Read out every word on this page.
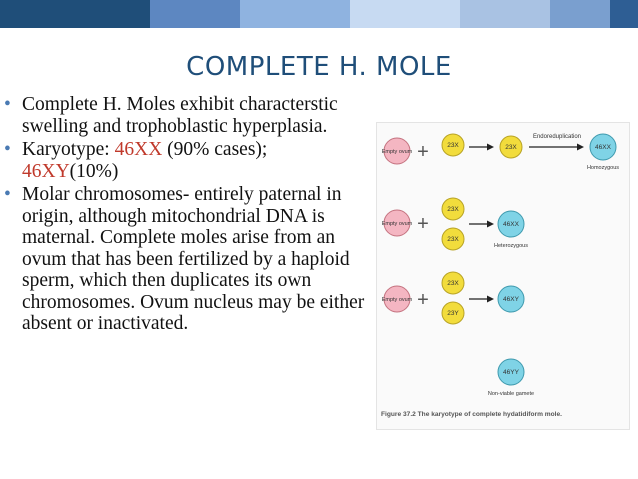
COMPLETE H. MOLE
• Complete H. Moles exhibit characterstic swelling and trophoblastic hyperplasia.
• Karyotype: 46XX (90% cases); 46XY(10%)
• Molar chromosomes- entirely paternal in origin, although mitochondrial DNA is maternal. Complete moles arise from an ovum that has been fertilized by a haploid sperm, which then duplicates its own chromosomes. Ovum nucleus may be either absent or inactivated.
Empty ovum +	23X	23X
Endoreduplication
46XX
Homozygous
Empty ovum +
23X
23X
46XX
Heterozygous
Empty ovum +
23X
23Y
46XY
46YY
Non-viable gamete
Figure 37.2 The karyotype of complete hydatidiform mole.
